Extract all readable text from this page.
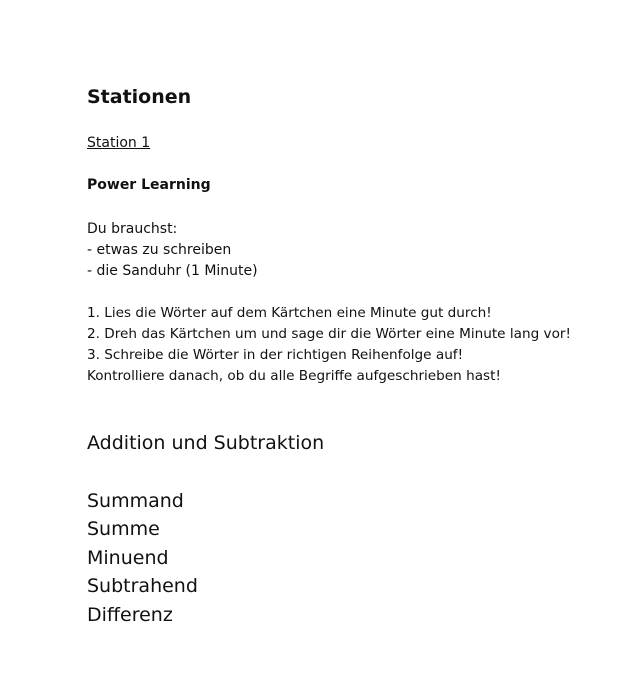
Stationen
Station 1
Power Learning
Du brauchst:
- etwas zu schreiben
- die Sanduhr (1 Minute)
1. Lies die Wörter auf dem Kärtchen eine Minute gut durch!
2. Dreh das Kärtchen um und sage dir die Wörter eine Minute lang vor!
3. Schreibe die Wörter in der richtigen Reihenfolge auf!
Kontrolliere danach, ob du alle Begriffe aufgeschrieben hast!
Addition und Subtraktion
Summand
Summe
Minuend
Subtrahend
Differenz
